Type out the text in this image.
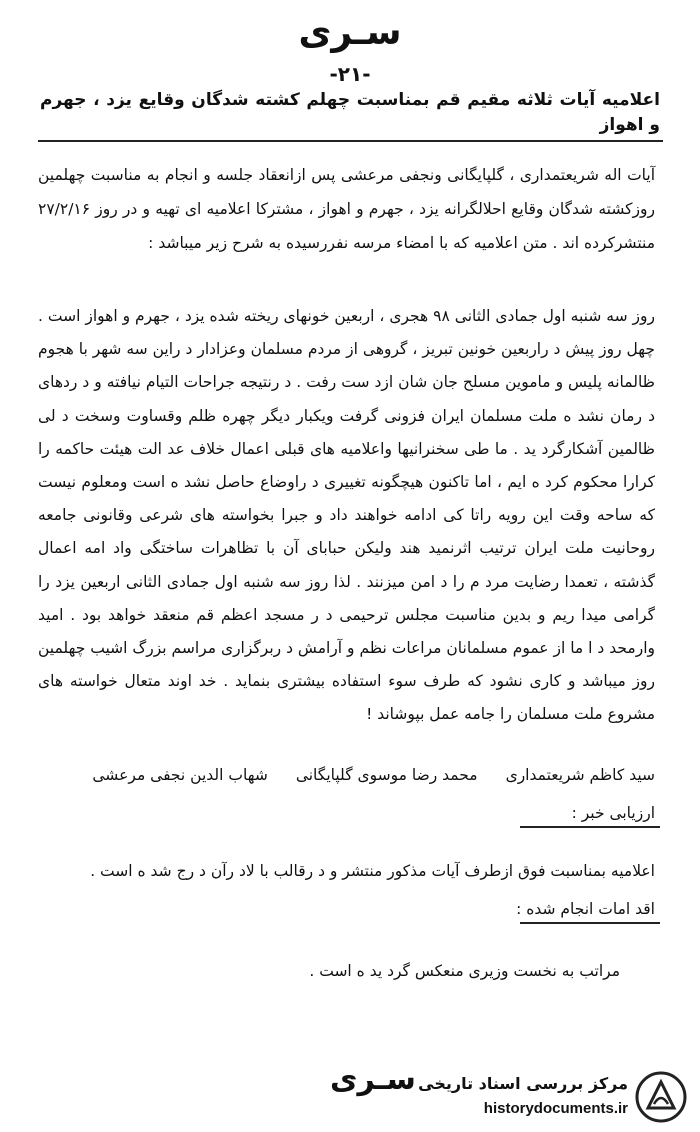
سـری
-۲۱-
اعلامیه آیات ثلاثه مقیم قم بمناسبت چهلم کشته شدگان وقایع یزد ، جهرم و اهواز
آیات اله شریعتمداری ، گلپایگانی ونجفی مرعشی پس ازانعقاد جلسه و انجام به مناسبت چهلمین روزکشته شدگان وقایع احلالگرانه یزد ، جهرم و اهواز ، مشترکا اعلامیه ای تهیه و در روز ۲۷/۲/۱۶ منتشرکرده اند . متن اعلامیه که با امضاء مرسه نفررسیده به شرح زیر میباشد :
روز سه شنبه اول جمادی الثانی ۹۸ هجری ، اربعین خونهای ریخته شده یزد ، جهرم و اهواز است . چهل روز پیش د راربعین خونین تبریز ، گروهی از مردم مسلمان وعزادار د راین سه شهر با هجوم ظالمانه پلیس و ماموین مسلح جان شان ازد ست رفت . د رنتیجه جراحات التیام نیافته و د ردهای د رمان نشد ه ملت مسلمان ایران فزونی گرفت ویکبار دیگر چهره ظلم وقساوت وسخت د لی ظالمین آشکارگرد ید . ما طی سخنرانیها واعلامیه های قبلی اعمال خلاف عد الت هیئت حاکمه را کرارا محکوم کرد ه ایم ، اما تاکنون هیچگونه تغییری د راوضاع حاصل نشد ه است ومعلوم نیست که ساحه وقت این رویه راتا کی ادامه خواهند داد و جبرا بخواسته های شرعی وقانونی جامعه روحانیت ملت ایران ترتیب اثرنمید هند ولیکن حبابای آن با تظاهرات ساختگی واد امه اعمال گذشته ، تعمدا رضایت مرد م را د امن میزنند . لذا روز سه شنبه اول جمادی الثانی اربعین یزد را گرامی میدا ریم و بدین مناسبت مجلس ترحیمی د ر مسجد اعظم قم منعقد خواهد بود . امید وارمحد د ا ما از عموم مسلمانان مراعات نظم و آرامش د ربرگزاری مراسم بزرگ اشیب چهلمین روز میباشد و کاری نشود که طرف سوء استفاده بیشتری بنماید . خد اوند متعال خواسته های مشروع ملت مسلمان را جامه عمل بپوشاند !
سید کاظم شریعتمداری
محمد رضا موسوی گلپایگانی
شهاب الدین نجفی مرعشی
ارزیابی خبر :
اعلامیه بمناسبت فوق ازطرف آیات مذکور منتشر و د رقالب با لاد رآن د رج شد ه است .
اقد امات انجام شده :
مراتب به نخست وزیری منعکس گرد ید ه است .
سـری مرکز بررسی اسناد تاریخی
historydocuments.ir
